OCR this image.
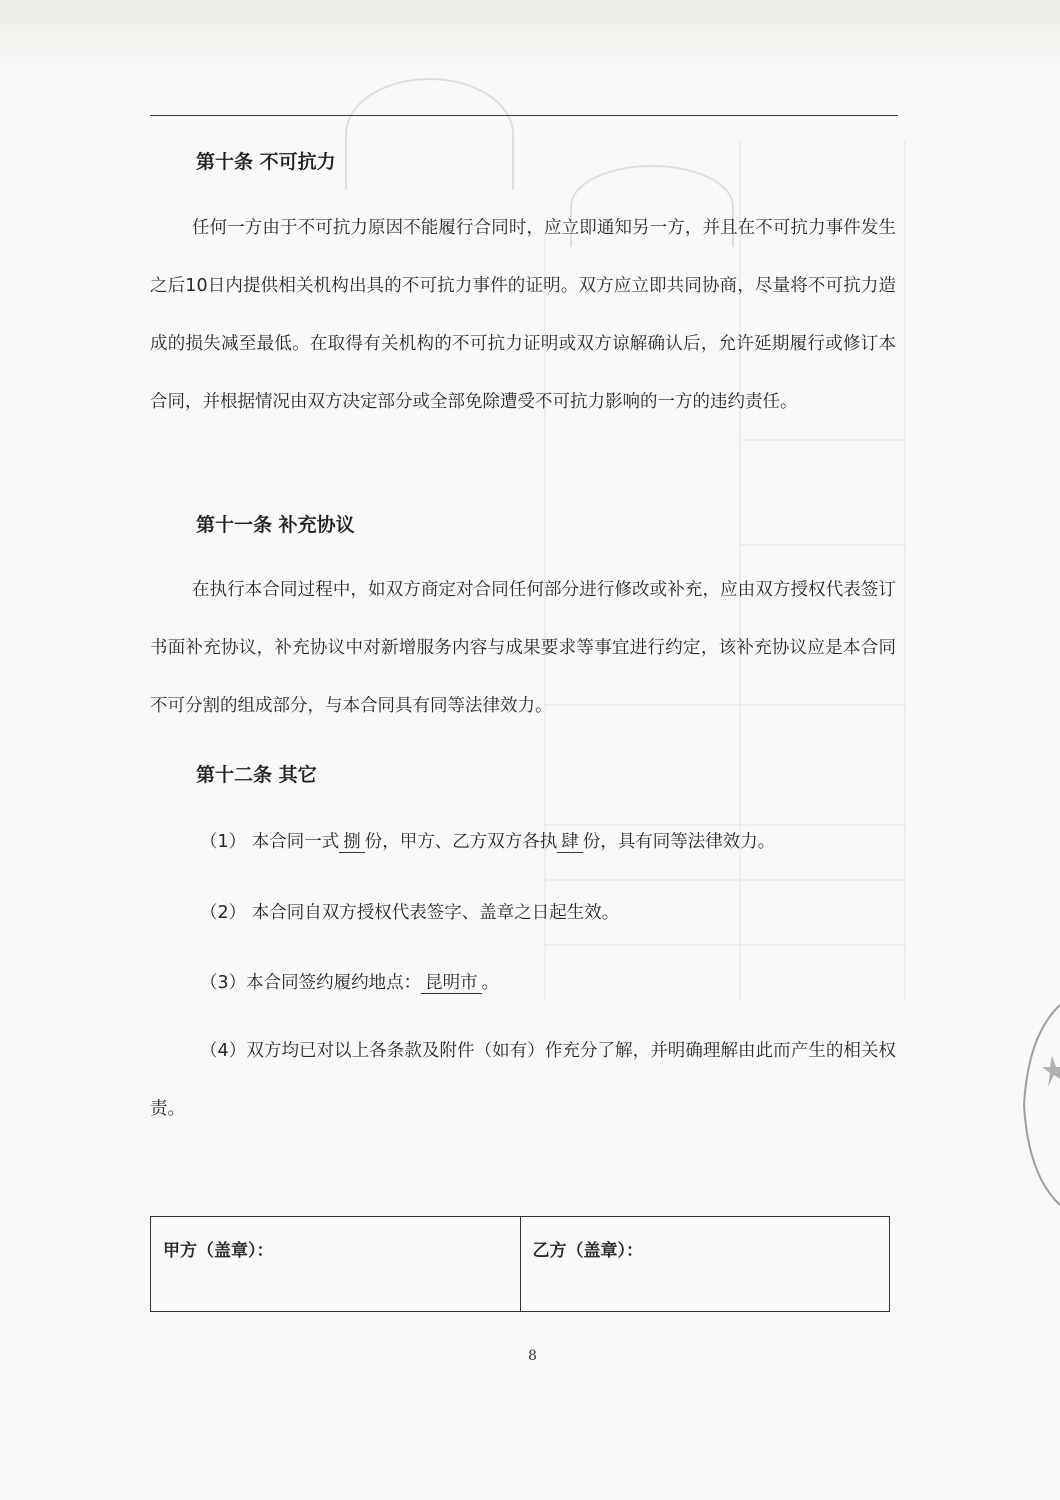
第十条 不可抗力

任何一方由于不可抗力原因不能履行合同时，应立即通知另一方，并且在不可抗力事件发生之后10日内提供相关机构出具的不可抗力事件的证明。双方应立即共同协商，尽量将不可抗力造成的损失减至最低。在取得有关机构的不可抗力证明或双方谅解确认后，允许延期履行或修订本合同，并根据情况由双方决定部分或全部免除遭受不可抗力影响的一方的违约责任。

第十一条 补充协议

在执行本合同过程中，如双方商定对合同任何部分进行修改或补充，应由双方授权代表签订书面补充协议，补充协议中对新增服务内容与成果要求等事宜进行约定，该补充协议应是本合同不可分割的组成部分，与本合同具有同等法律效力。

第十二条 其它

（1） 本合同一式 捌 份，甲方、乙方双方各执 肆 份，具有同等法律效力。

（2） 本合同自双方授权代表签字、盖章之日起生效。

（3）本合同签约履约地点： 昆明市 。

（4）双方均已对以上各条款及附件（如有）作充分了解，并明确理解由此而产生的相关权责。

甲方（盖章）：	乙方（盖章）：
8
